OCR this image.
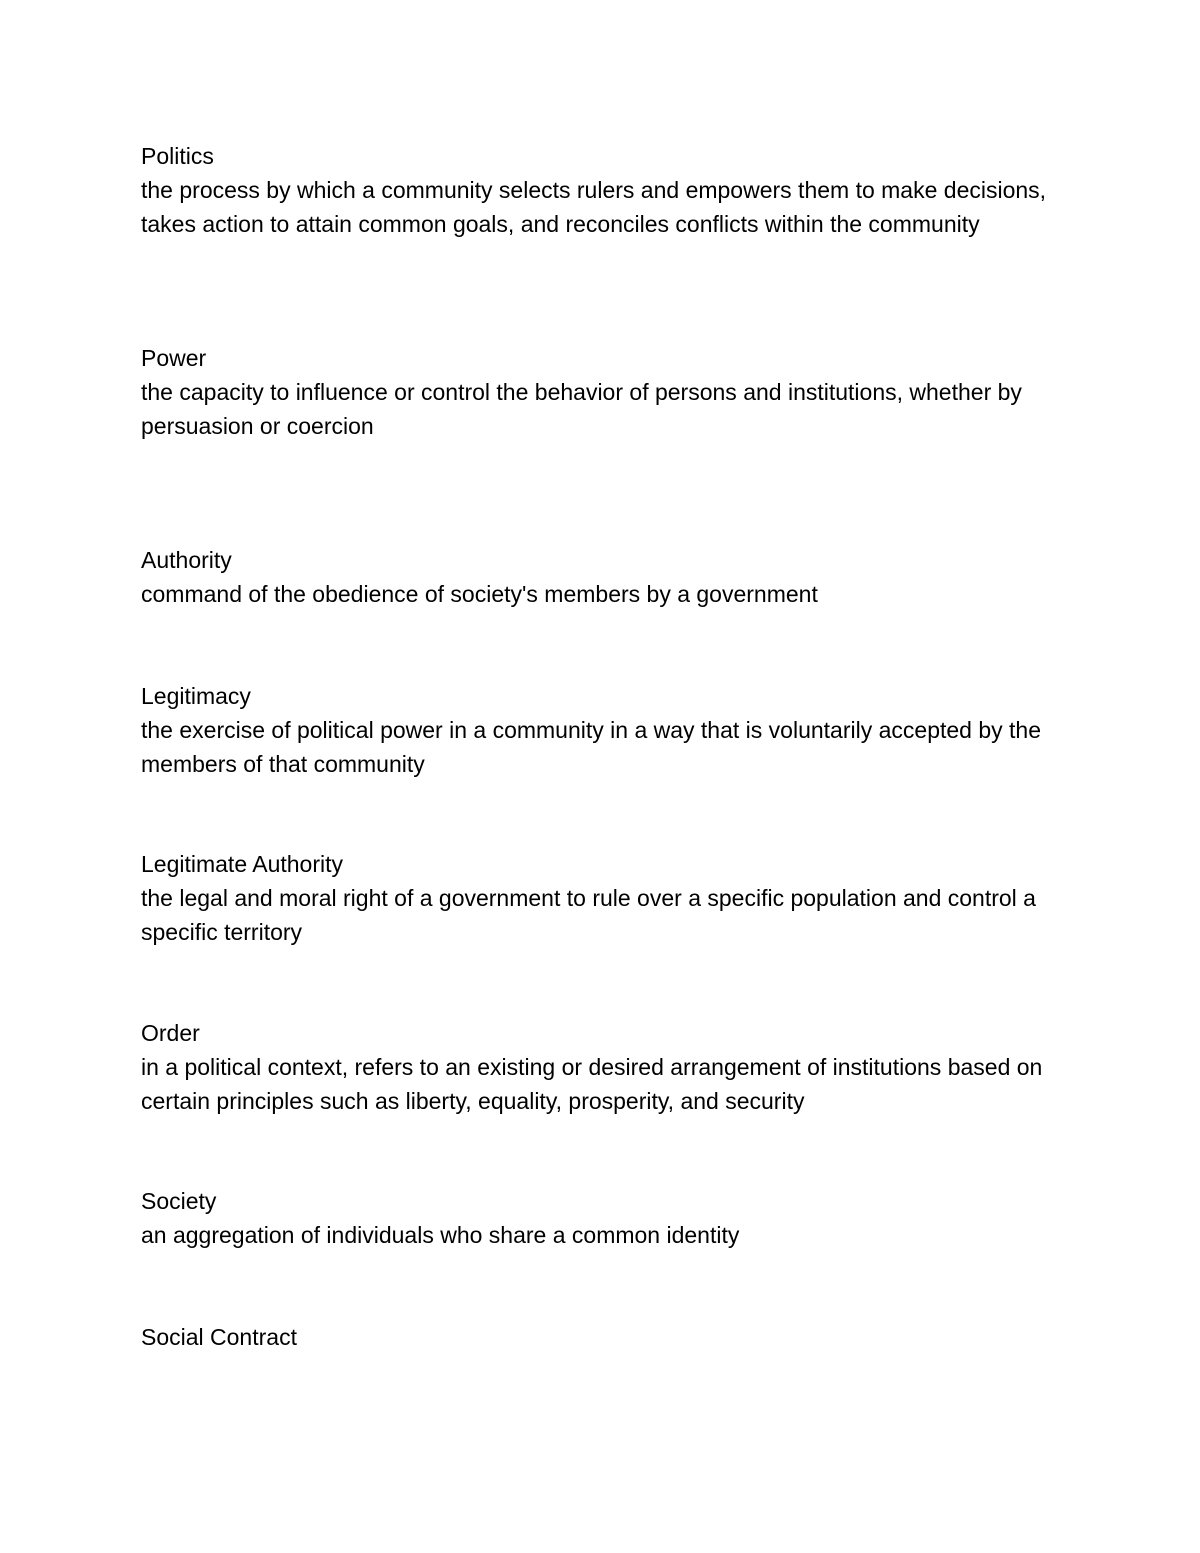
Politics
the process by which a community selects rulers and empowers them to make decisions, takes action to attain common goals, and reconciles conflicts within the community
Power
the capacity to influence or control the behavior of persons and institutions, whether by persuasion or coercion
Authority
command of the obedience of society's members by a government
Legitimacy
the exercise of political power in a community in a way that is voluntarily accepted by the members of that community
Legitimate Authority
the legal and moral right of a government to rule over a specific population and control a specific territory
Order
in a political context, refers to an existing or desired arrangement of institutions based on certain principles such as liberty, equality, prosperity, and security
Society
an aggregation of individuals who share a common identity
Social Contract
